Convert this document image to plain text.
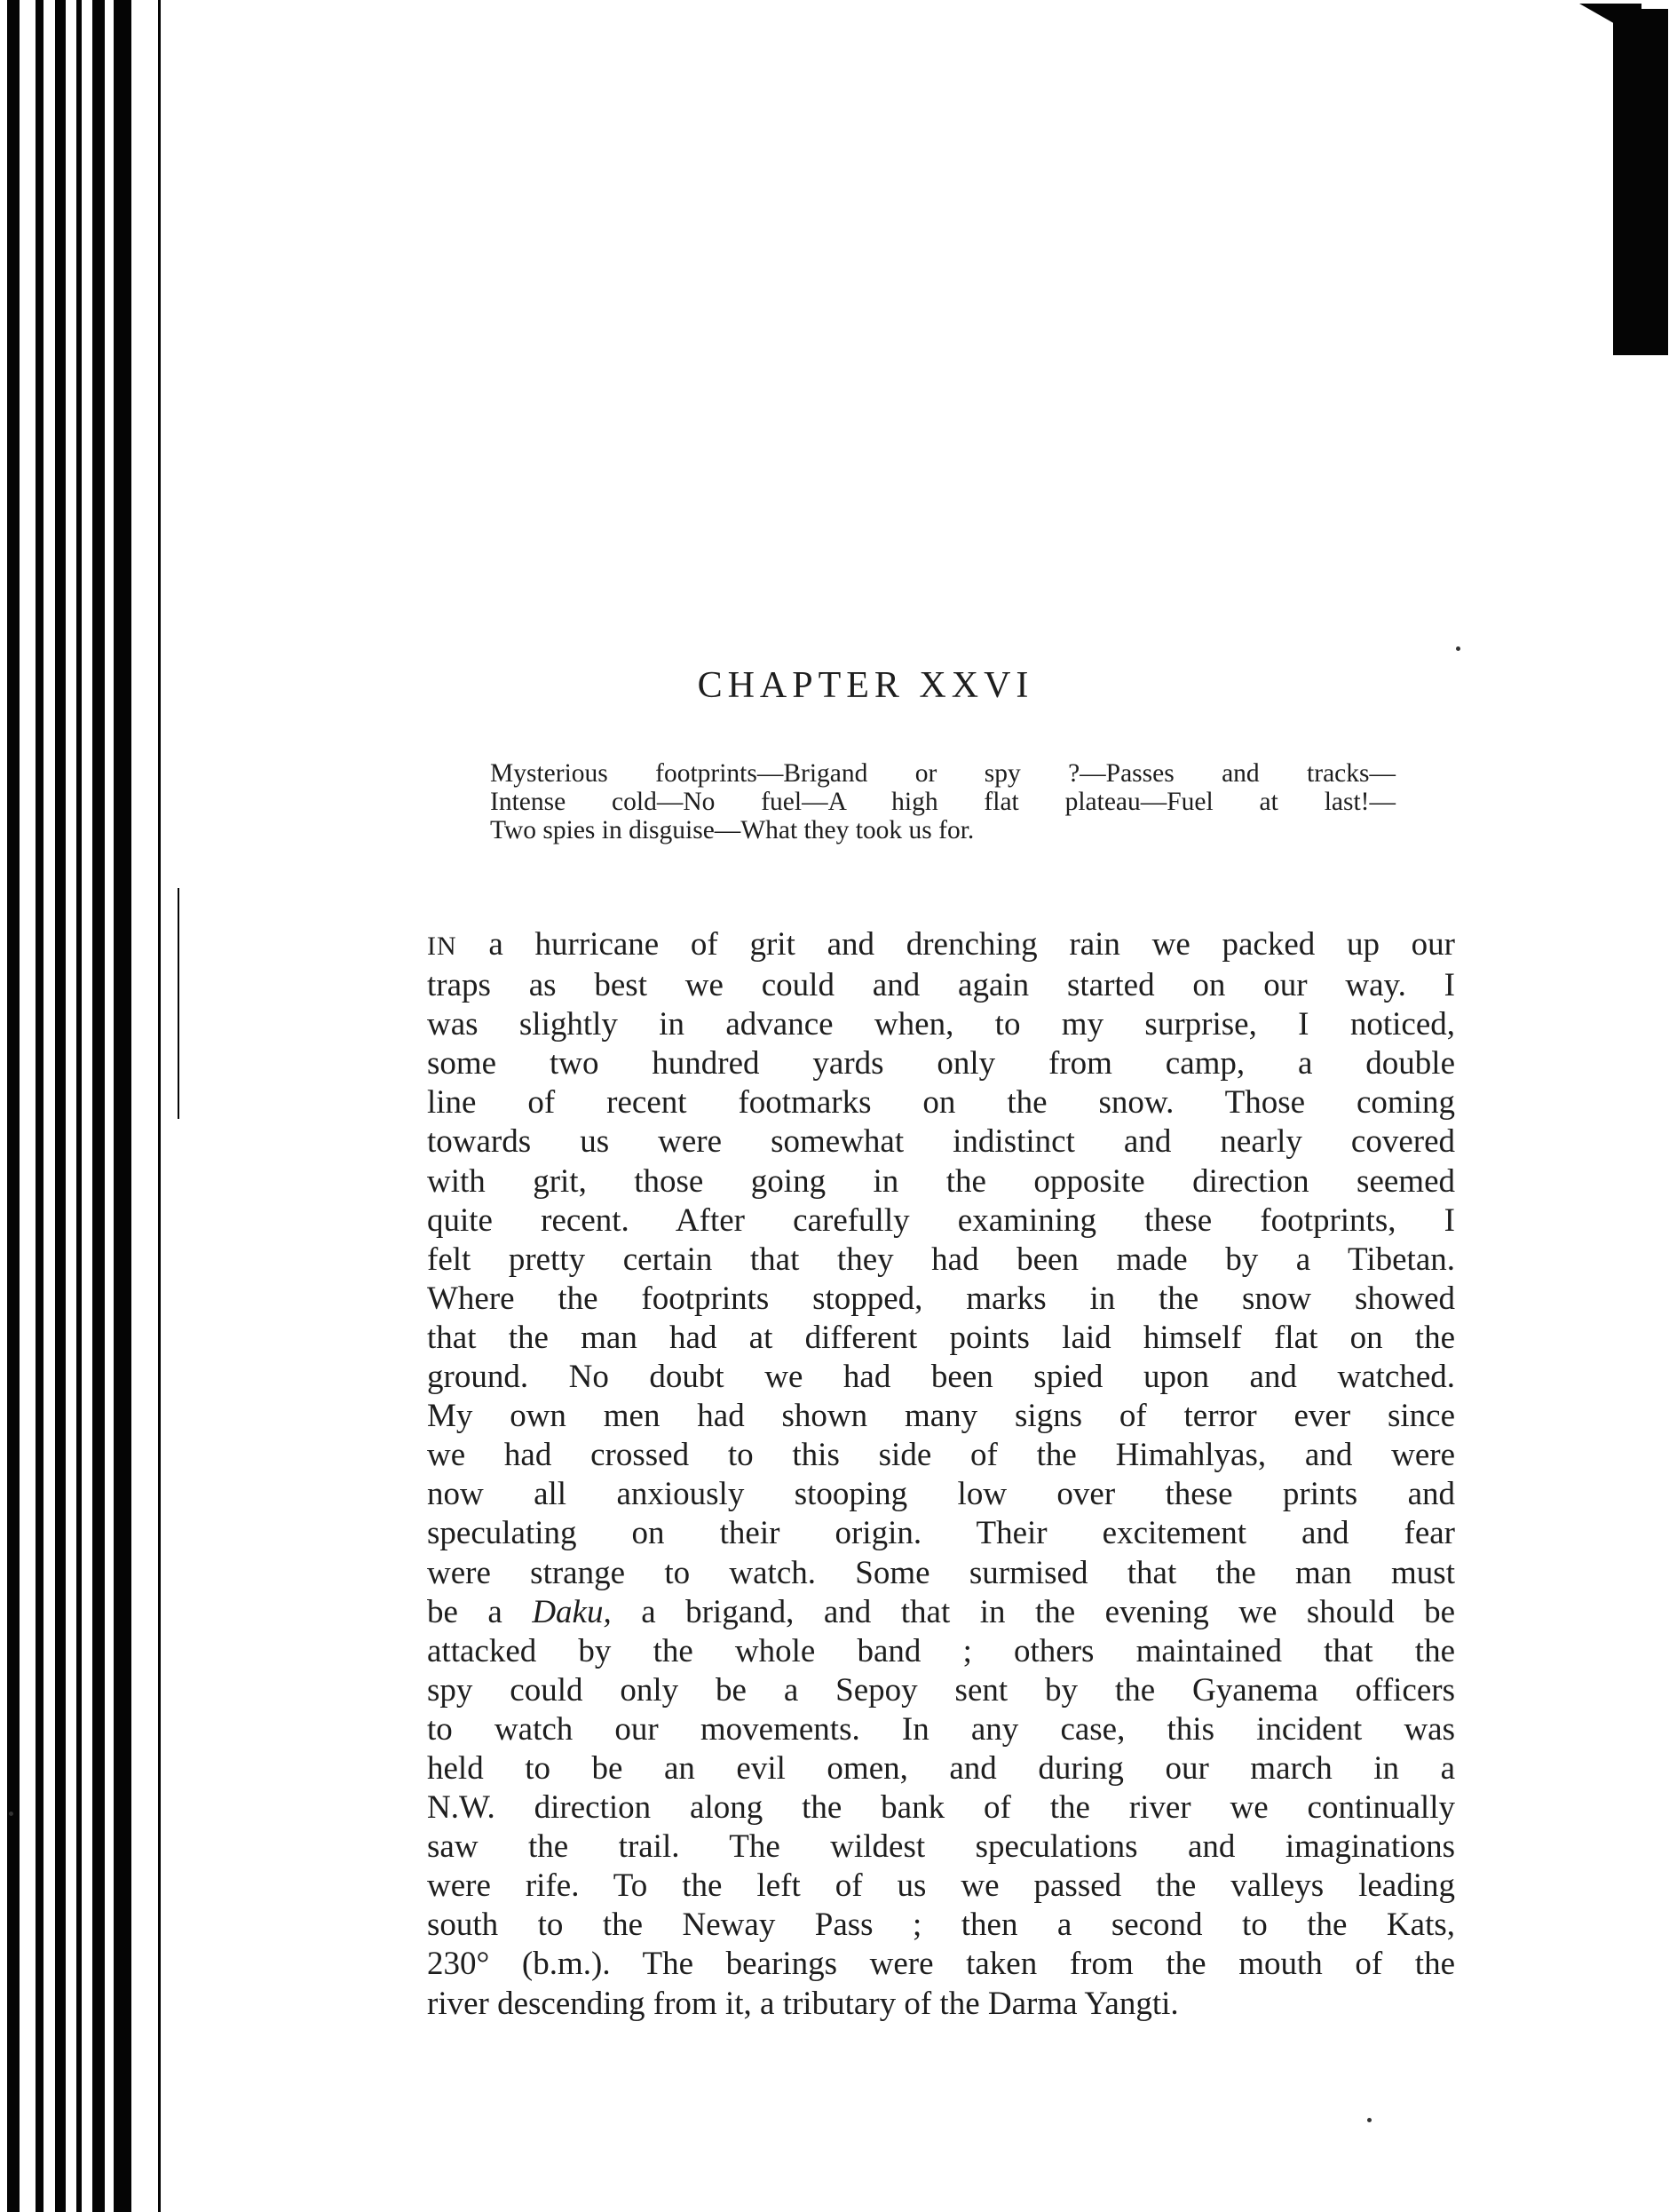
CHAPTER XXVI
Mysterious footprints—Brigand or spy ?—Passes and tracks—
Intense cold—No fuel—A high flat plateau—Fuel at last!—
Two spies in disguise—What they took us for.
IN a hurricane of grit and drenching rain we packed up our
traps as best we could and again started on our way. I
was slightly in advance when, to my surprise, I noticed,
some two hundred yards only from camp, a double
line of recent footmarks on the snow. Those coming
towards us were somewhat indistinct and nearly covered
with grit, those going in the opposite direction seemed
quite recent. After carefully examining these footprints, I
felt pretty certain that they had been made by a Tibetan.
Where the footprints stopped, marks in the snow showed
that the man had at different points laid himself flat on the
ground. No doubt we had been spied upon and watched.
My own men had shown many signs of terror ever since
we had crossed to this side of the Himahlyas, and were
now all anxiously stooping low over these prints and
speculating on their origin. Their excitement and fear
were strange to watch. Some surmised that the man must
be a Daku, a brigand, and that in the evening we should be
attacked by the whole band ; others maintained that the
spy could only be a Sepoy sent by the Gyanema officers
to watch our movements. In any case, this incident was
held to be an evil omen, and during our march in a
N.W. direction along the bank of the river we continually
saw the trail. The wildest speculations and imaginations
were rife. To the left of us we passed the valleys leading
south to the Neway Pass ; then a second to the Kats,
230° (b.m.). The bearings were taken from the mouth of the
river descending from it, a tributary of the Darma Yangti.
